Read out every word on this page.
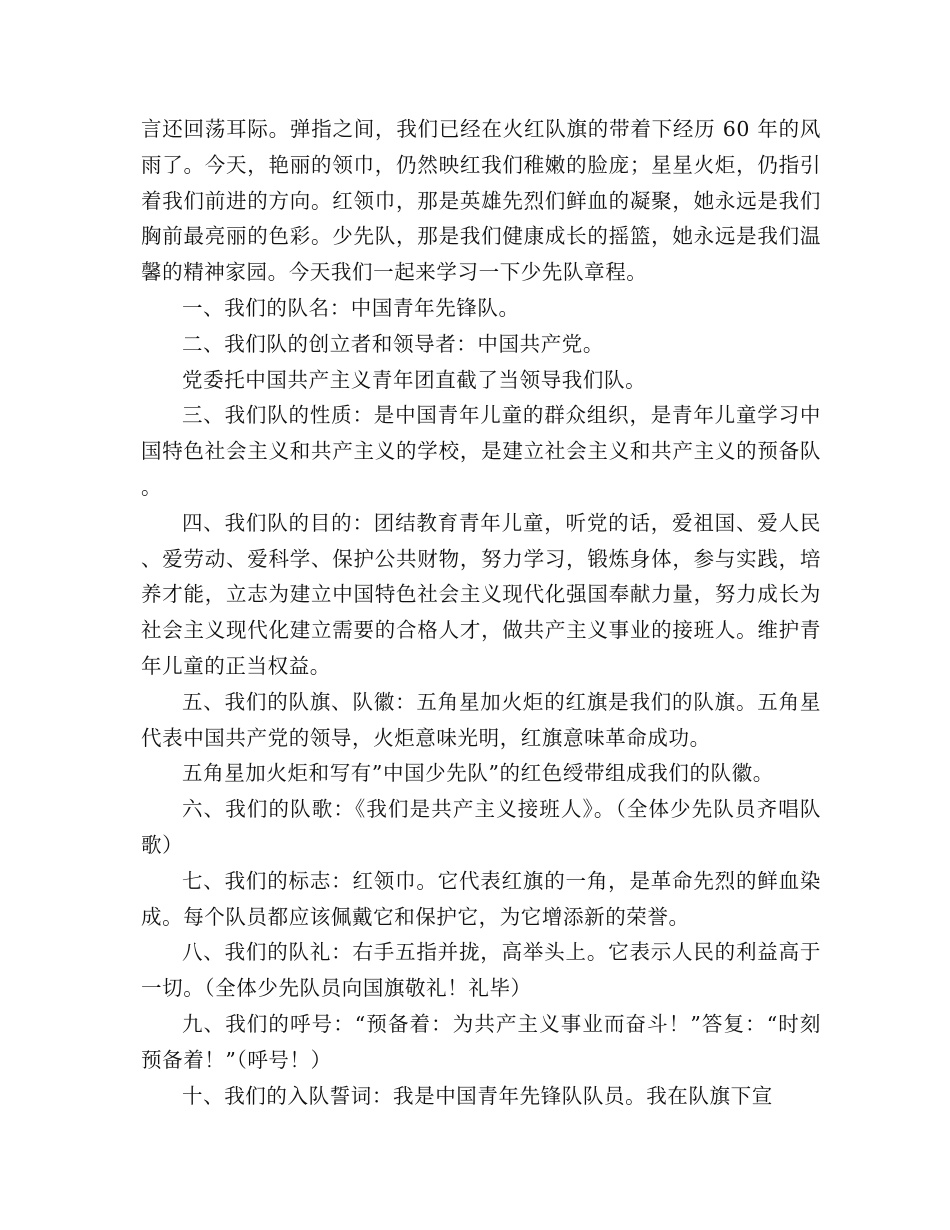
言还回荡耳际。弹指之间，我们已经在火红队旗的带着下经历 60 年的风雨了。今天，艳丽的领巾，仍然映红我们稚嫩的脸庞；星星火炬，仍指引着我们前进的方向。红领巾，那是英雄先烈们鲜血的凝聚，她永远是我们胸前最亮丽的色彩。少先队，那是我们健康成长的摇篮，她永远是我们温馨的精神家园。今天我们一起来学习一下少先队章程。

一、我们的队名：中国青年先锋队。

二、我们队的创立者和领导者：中国共产党。

党委托中国共产主义青年团直截了当领导我们队。

三、我们队的性质：是中国青年儿童的群众组织，是青年儿童学习中国特色社会主义和共产主义的学校，是建立社会主义和共产主义的预备队。

四、我们队的目的：团结教育青年儿童，听党的话，爱祖国、爱人民、爱劳动、爱科学、保护公共财物，努力学习，锻炼身体，参与实践，培养才能，立志为建立中国特色社会主义现代化强国奉献力量，努力成长为社会主义现代化建立需要的合格人才，做共产主义事业的接班人。维护青年儿童的正当权益。

五、我们的队旗、队徽：五角星加火炬的红旗是我们的队旗。五角星代表中国共产党的领导，火炬意味光明，红旗意味革命成功。

五角星加火炬和写有”中国少先队”的红色绶带组成我们的队徽。

六、我们的队歌：《我们是共产主义接班人》。（全体少先队员齐唱队歌）

七、我们的标志：红领巾。它代表红旗的一角，是革命先烈的鲜血染成。每个队员都应该佩戴它和保护它，为它增添新的荣誉。

八、我们的队礼：右手五指并拢，高举头上。它表示人民的利益高于一切。（全体少先队员向国旗敬礼！礼毕）

九、我们的呼号：“预备着：为共产主义事业而奋斗！”答复：“时刻预备着！”（呼号！）

十、我们的入队誓词：我是中国青年先锋队队员。我在队旗下宣
